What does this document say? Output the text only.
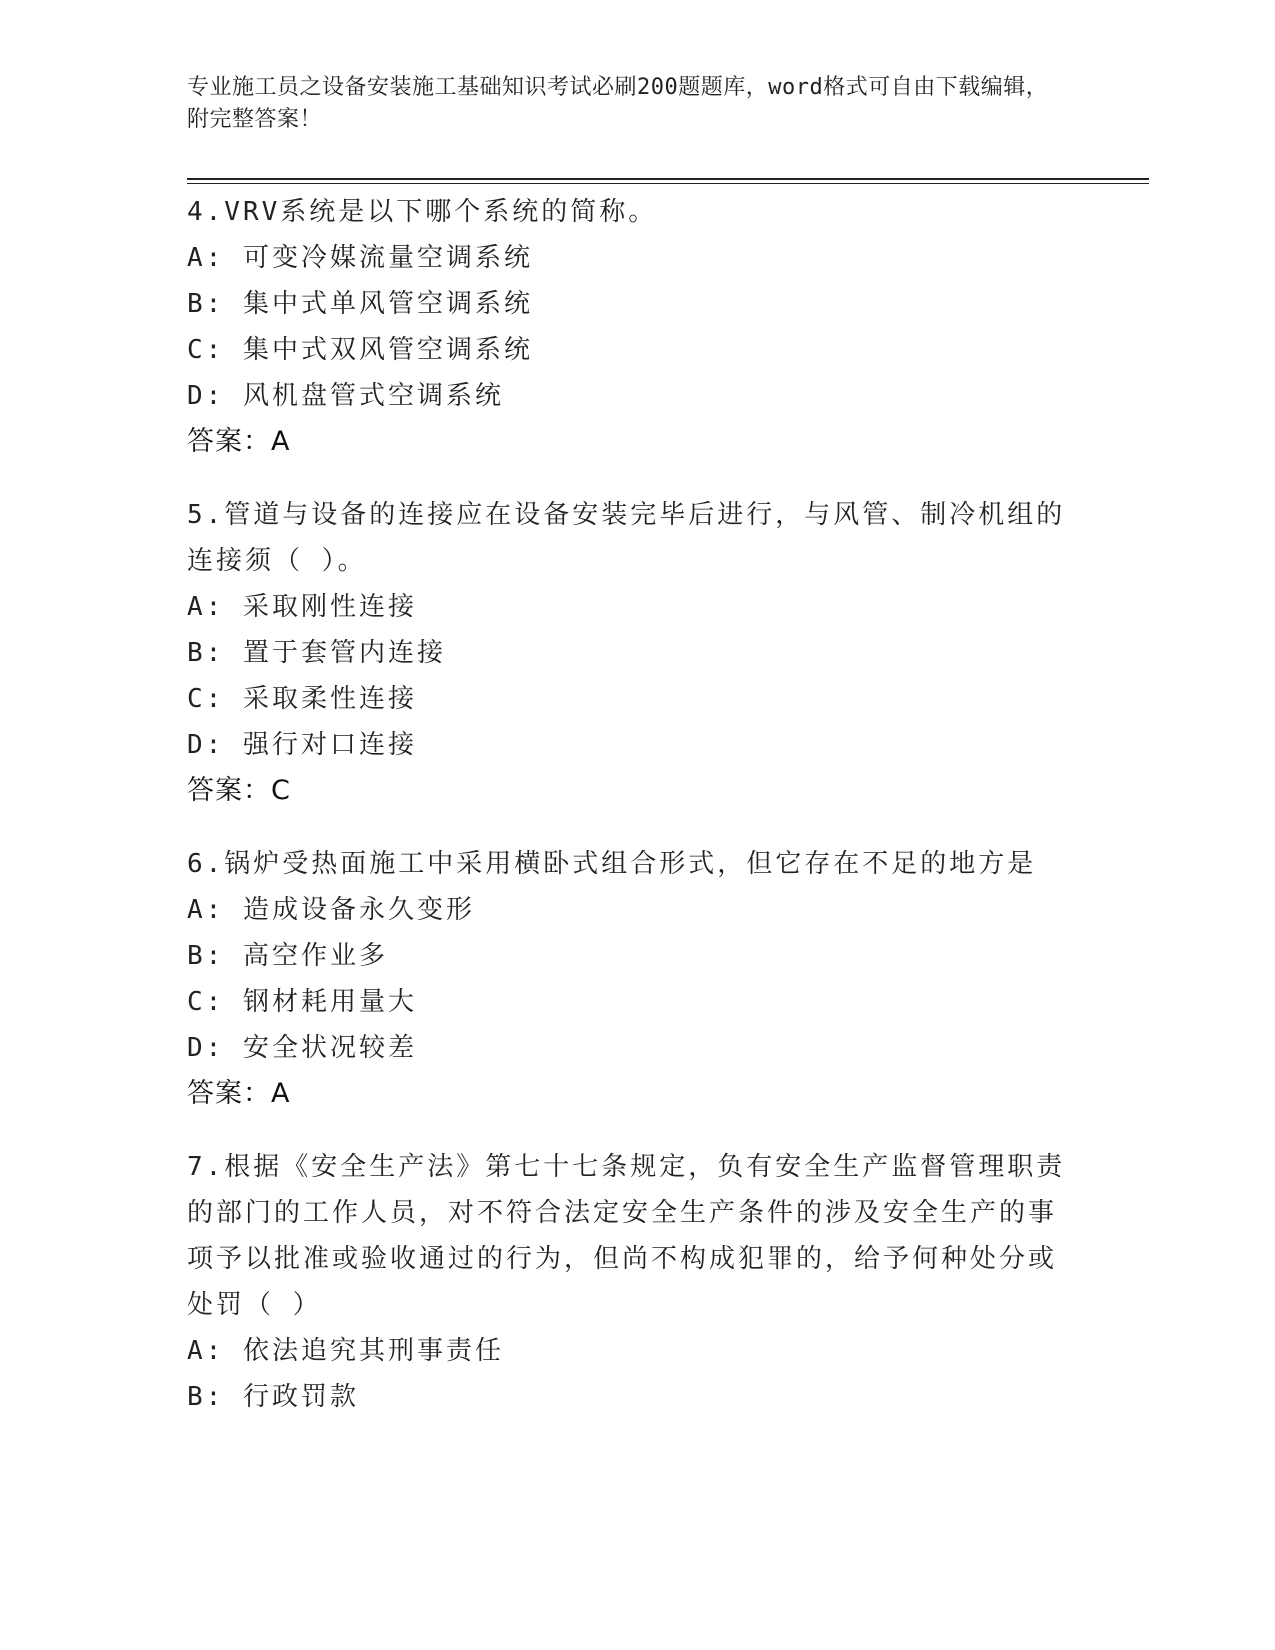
专业施工员之设备安装施工基础知识考试必刷200题题库，word格式可自由下载编辑，附完整答案！

4.VRV系统是以下哪个系统的简称。

A: 可变冷媒流量空调系统

B: 集中式单风管空调系统

C: 集中式双风管空调系统

D: 风机盘管式空调系统

答案：A

5.管道与设备的连接应在设备安装完毕后进行，与风管、制冷机组的连接须（ ）。

A: 采取刚性连接

B: 置于套管内连接

C: 采取柔性连接

D: 强行对口连接

答案：C

6.锅炉受热面施工中采用横卧式组合形式，但它存在不足的地方是

A: 造成设备永久变形

B: 高空作业多

C: 钢材耗用量大

D: 安全状况较差

答案：A

7.根据《安全生产法》第七十七条规定，负有安全生产监督管理职责的部门的工作人员，对不符合法定安全生产条件的涉及安全生产的事项予以批准或验收通过的行为，但尚不构成犯罪的，给予何种处分或处罚（ ）

A: 依法追究其刑事责任

B: 行政罚款
